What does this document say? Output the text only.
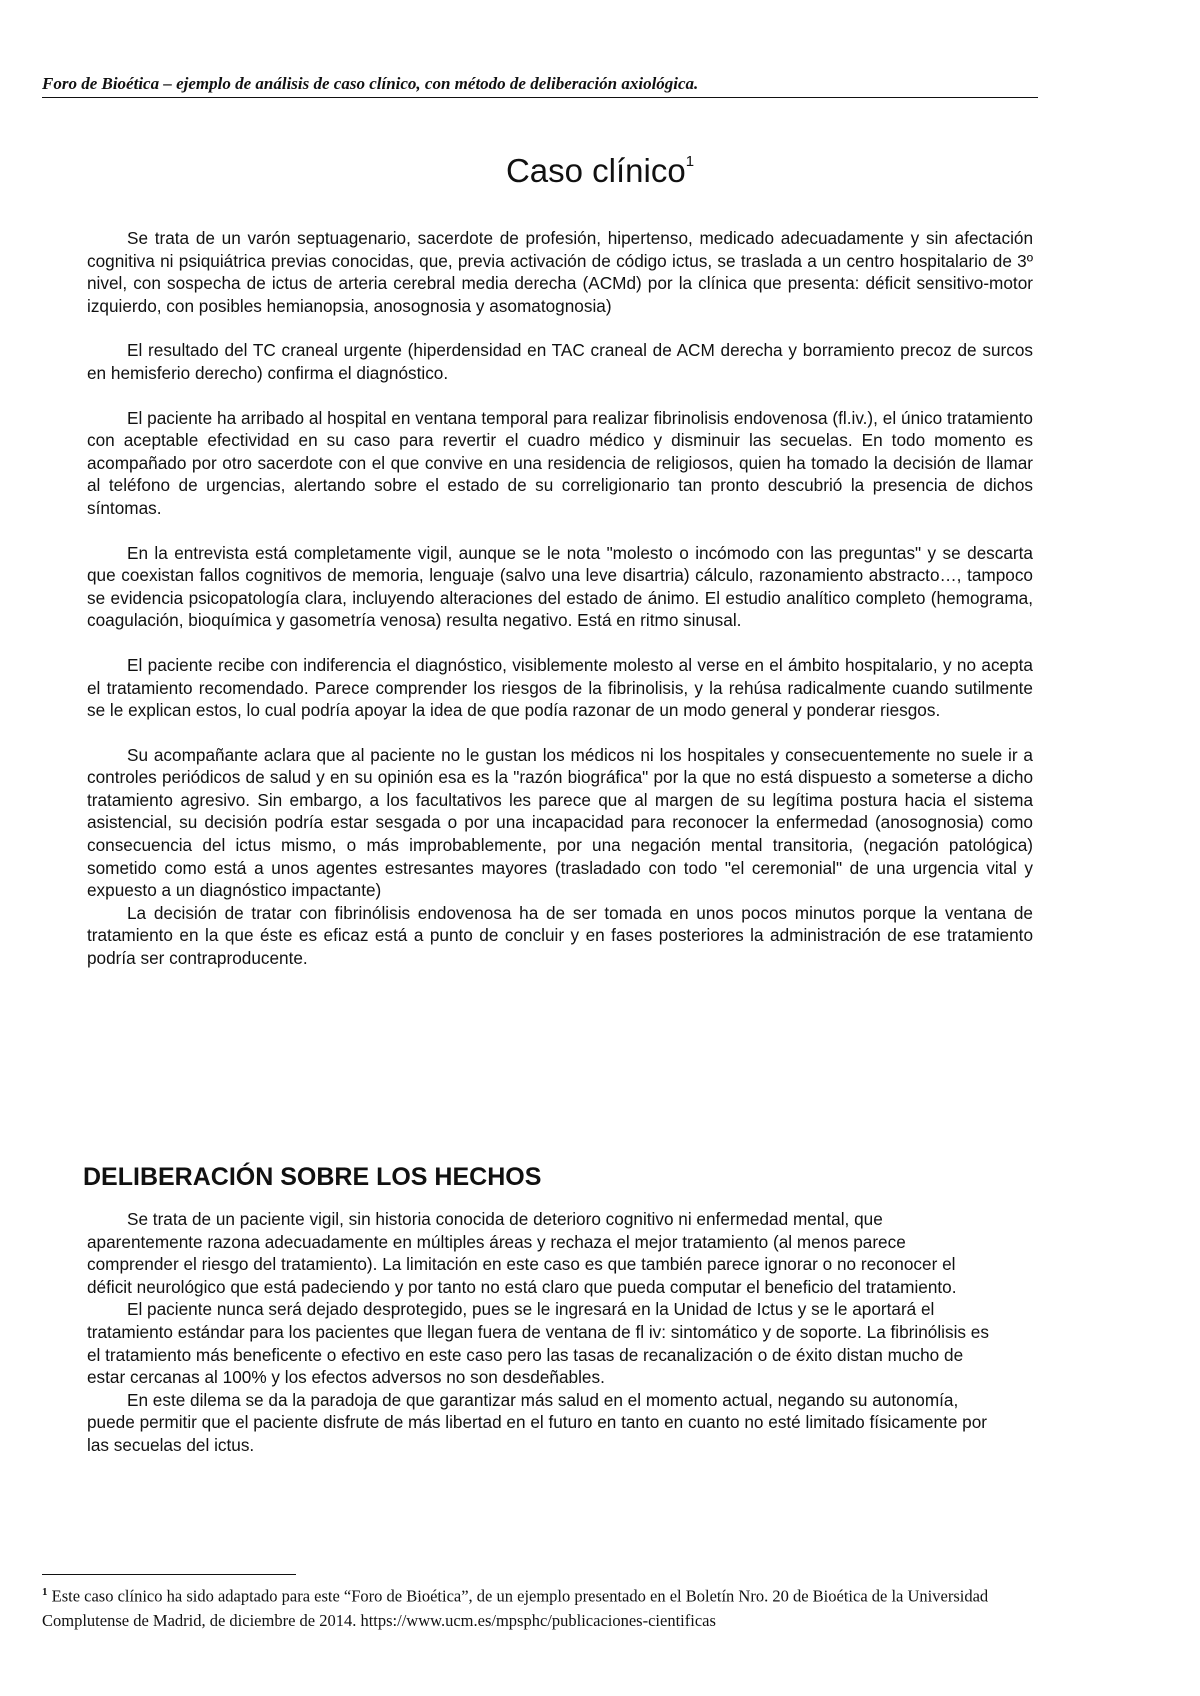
Foro de Bioética – ejemplo de análisis de caso clínico, con método de deliberación axiológica.
Caso clínico$^1$

Se trata de un varón septuagenario, sacerdote de profesión, hipertenso, medicado adecuadamente y sin afectación cognitiva ni psiquiátrica previas conocidas, que, previa activación de código ictus, se traslada a un centro hospitalario de 3º nivel, con sospecha de ictus de arteria cerebral media derecha (ACMd) por la clínica que presenta: déficit sensitivo-motor izquierdo, con posibles hemianopsia, anosognosia y asomatognosia)

El resultado del TC craneal urgente (hiperdensidad en TAC craneal de ACM derecha y borramiento precoz de surcos en hemisferio derecho) confirma el diagnóstico.

El paciente ha arribado al hospital en ventana temporal para realizar fibrinolisis endovenosa (fl.iv.), el único tratamiento con aceptable efectividad en su caso para revertir el cuadro médico y disminuir las secuelas. En todo momento es acompañado por otro sacerdote con el que convive en una residencia de religiosos, quien ha tomado la decisión de llamar al teléfono de urgencias, alertando sobre el estado de su correligionario tan pronto descubrió la presencia de dichos síntomas.

En la entrevista está completamente vigil, aunque se le nota "molesto o incómodo con las preguntas" y se descarta que coexistan fallos cognitivos de memoria, lenguaje (salvo una leve disartria) cálculo, razonamiento abstracto…, tampoco se evidencia psicopatología clara, incluyendo alteraciones del estado de ánimo. El estudio analítico completo (hemograma, coagulación, bioquímica y gasometría venosa) resulta negativo. Está en ritmo sinusal.

El paciente recibe con indiferencia el diagnóstico, visiblemente molesto al verse en el ámbito hospitalario, y no acepta el tratamiento recomendado. Parece comprender los riesgos de la fibrinolisis, y la rehúsa radicalmente cuando sutilmente se le explican estos, lo cual podría apoyar la idea de que podía razonar de un modo general y ponderar riesgos.

Su acompañante aclara que al paciente no le gustan los médicos ni los hospitales y consecuentemente no suele ir a controles periódicos de salud y en su opinión esa es la "razón biográfica" por la que no está dispuesto a someterse a dicho tratamiento agresivo. Sin embargo, a los facultativos les parece que al margen de su legítima postura hacia el sistema asistencial, su decisión podría estar sesgada o por una incapacidad para reconocer la enfermedad (anosognosia) como consecuencia del ictus mismo, o más improbablemente, por una negación mental transitoria, (negación patológica) sometido como está a unos agentes estresantes mayores (trasladado con todo "el ceremonial" de una urgencia vital y expuesto a un diagnóstico impactante)

La decisión de tratar con fibrinólisis endovenosa ha de ser tomada en unos pocos minutos porque la ventana de tratamiento en la que éste es eficaz está a punto de concluir y en fases posteriores la administración de ese tratamiento podría ser contraproducente.

DELIBERACIÓN SOBRE LOS HECHOS

Se trata de un paciente vigil, sin historia conocida de deterioro cognitivo ni enfermedad mental, que aparentemente razona adecuadamente en múltiples áreas y rechaza el mejor tratamiento (al menos parece comprender el riesgo del tratamiento). La limitación en este caso es que también parece ignorar o no reconocer el déficit neurológico que está padeciendo y por tanto no está claro que pueda computar el beneficio del tratamiento.

El paciente nunca será dejado desprotegido, pues se le ingresará en la Unidad de Ictus y se le aportará el tratamiento estándar para los pacientes que llegan fuera de ventana de fl iv: sintomático y de soporte. La fibrinólisis es el tratamiento más beneficente o efectivo en este caso pero las tasas de recanalización o de éxito distan mucho de estar cercanas al 100% y los efectos adversos no son desdeñables.

En este dilema se da la paradoja de que garantizar más salud en el momento actual, negando su autonomía, puede permitir que el paciente disfrute de más libertad en el futuro en tanto en cuanto no esté limitado físicamente por las secuelas del ictus.

$^1$ Este caso clínico ha sido adaptado para este “Foro de Bioética”, de un ejemplo presentado en el Boletín Nro. 20 de Bioética de la Universidad Complutense de Madrid, de diciembre de 2014. https://www.ucm.es/mpsphc/publicaciones-cientificas
